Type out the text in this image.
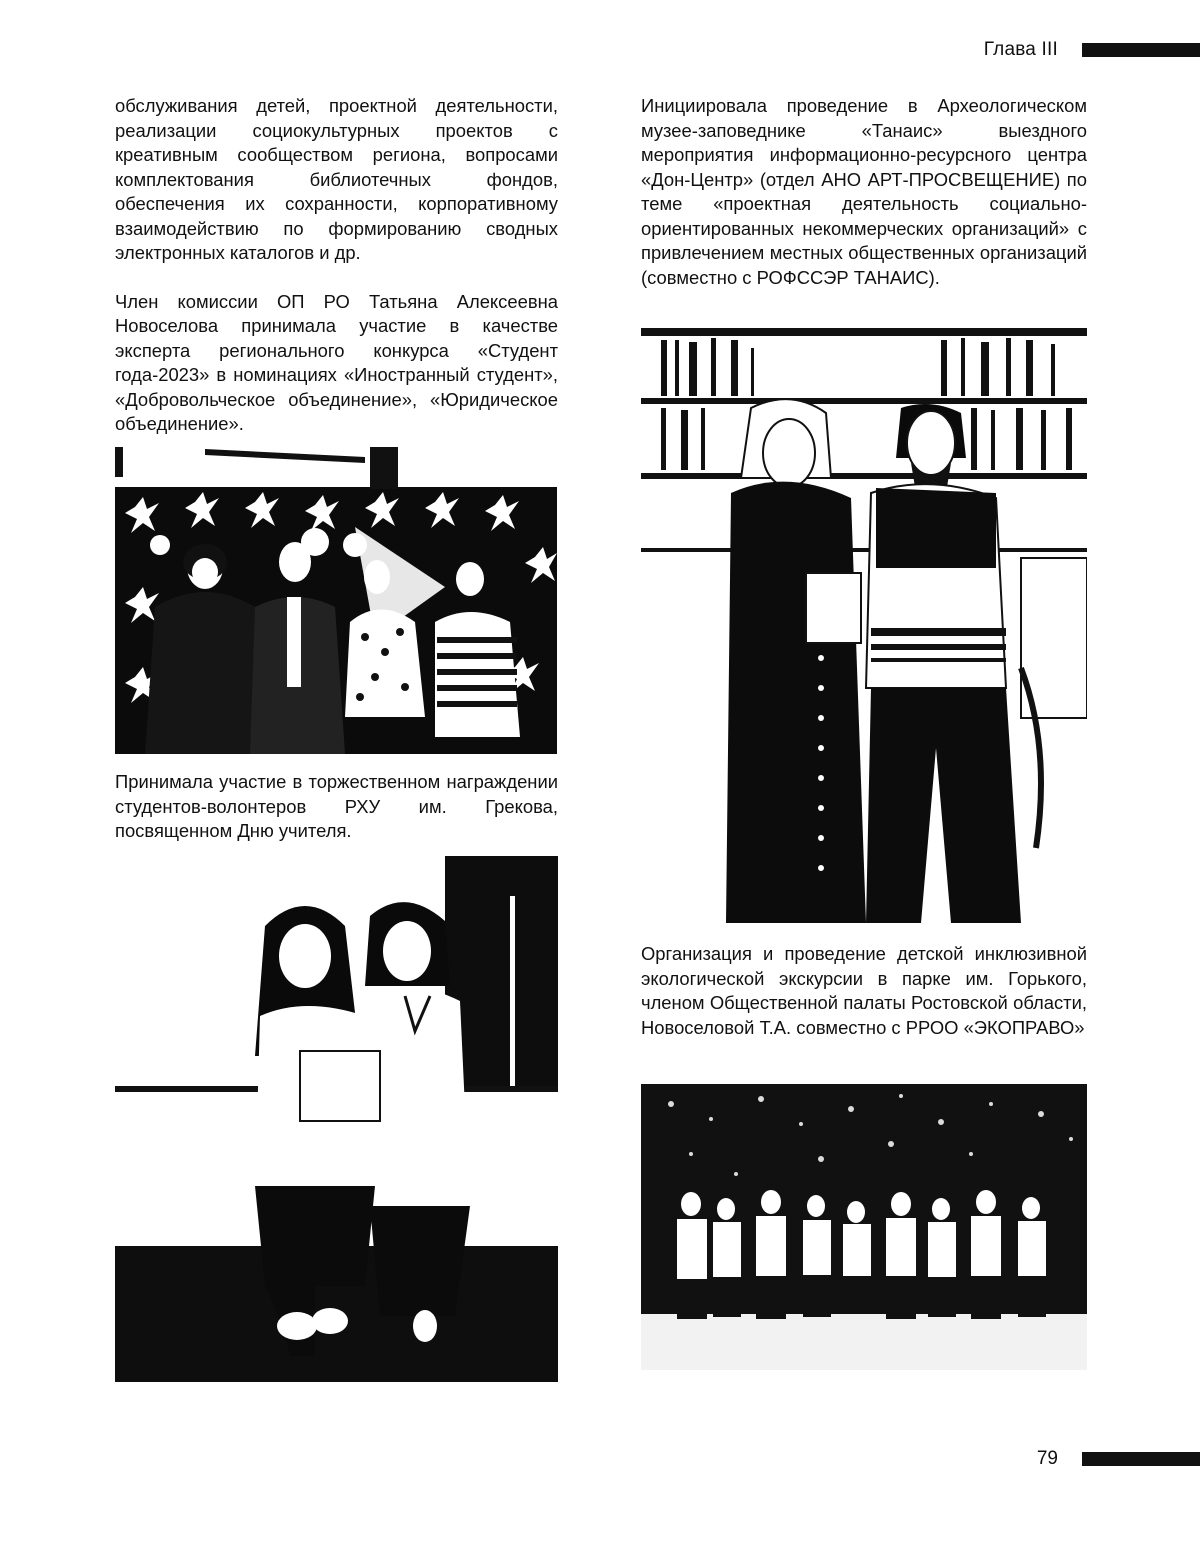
Глава III

обслуживания детей, проектной деятельности, реализации социокультурных проектов с креативным сообществом региона, вопросами комплектования библиотечных фондов, обеспечения их сохранности, корпоративному взаимодействию по формированию сводных электронных каталогов и др.

Член комиссии ОП РО Татьяна Алексеевна Новоселова принимала участие в качестве эксперта регионального конкурса «Студент года-2023» в номинациях «Иностранный студент», «Добровольческое объединение», «Юридическое объединение».

Инициировала проведение в Археологическом музее-заповеднике «Танаис» выездного мероприятия информационно-ресурсного центра «Дон-Центр» (отдел АНО АРТ-ПРОСВЕЩЕНИЕ) по теме «проектная деятельность социально-ориентированных некоммерческих организаций» с привлечением местных общественных организаций (совместно с РОФССЭР ТАНАИС).

Принимала участие в торжественном награждении студентов-волонтеров РХУ им. Грекова, посвященном Дню учителя.

Организация и проведение детской инклюзивной экологической экскурсии в парке им. Горького, членом Общественной палаты Ростовской области, Новоселовой Т.А. совместно с РРОО «ЭКОПРАВО»

79
